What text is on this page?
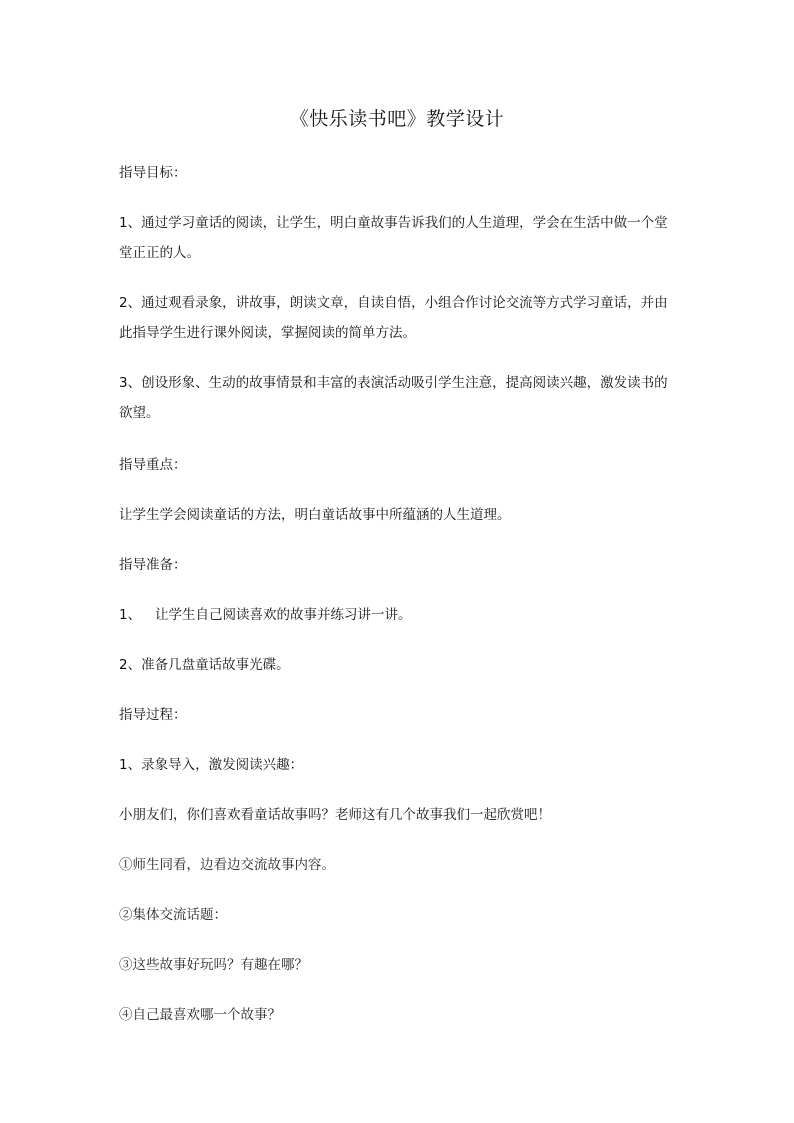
《快乐读书吧》教学设计
指导目标：
1、通过学习童话的阅读，让学生，明白童故事告诉我们的人生道理，学会在生活中做一个堂堂正正的人。
2、通过观看录象，讲故事，朗读文章，自读自悟，小组合作讨论交流等方式学习童话，并由此指导学生进行课外阅读，掌握阅读的简单方法。
3、创设形象、生动的故事情景和丰富的表演活动吸引学生注意，提高阅读兴趣，激发读书的欲望。
指导重点：
让学生学会阅读童话的方法，明白童话故事中所蕴涵的人生道理。
指导准备：
1、 让学生自己阅读喜欢的故事并练习讲一讲。
2、准备几盘童话故事光碟。
指导过程：
1、录象导入，激发阅读兴趣：
小朋友们，你们喜欢看童话故事吗？老师这有几个故事我们一起欣赏吧！
①师生同看，边看边交流故事内容。
②集体交流话题：
③这些故事好玩吗？有趣在哪？
④自己最喜欢哪一个故事？
